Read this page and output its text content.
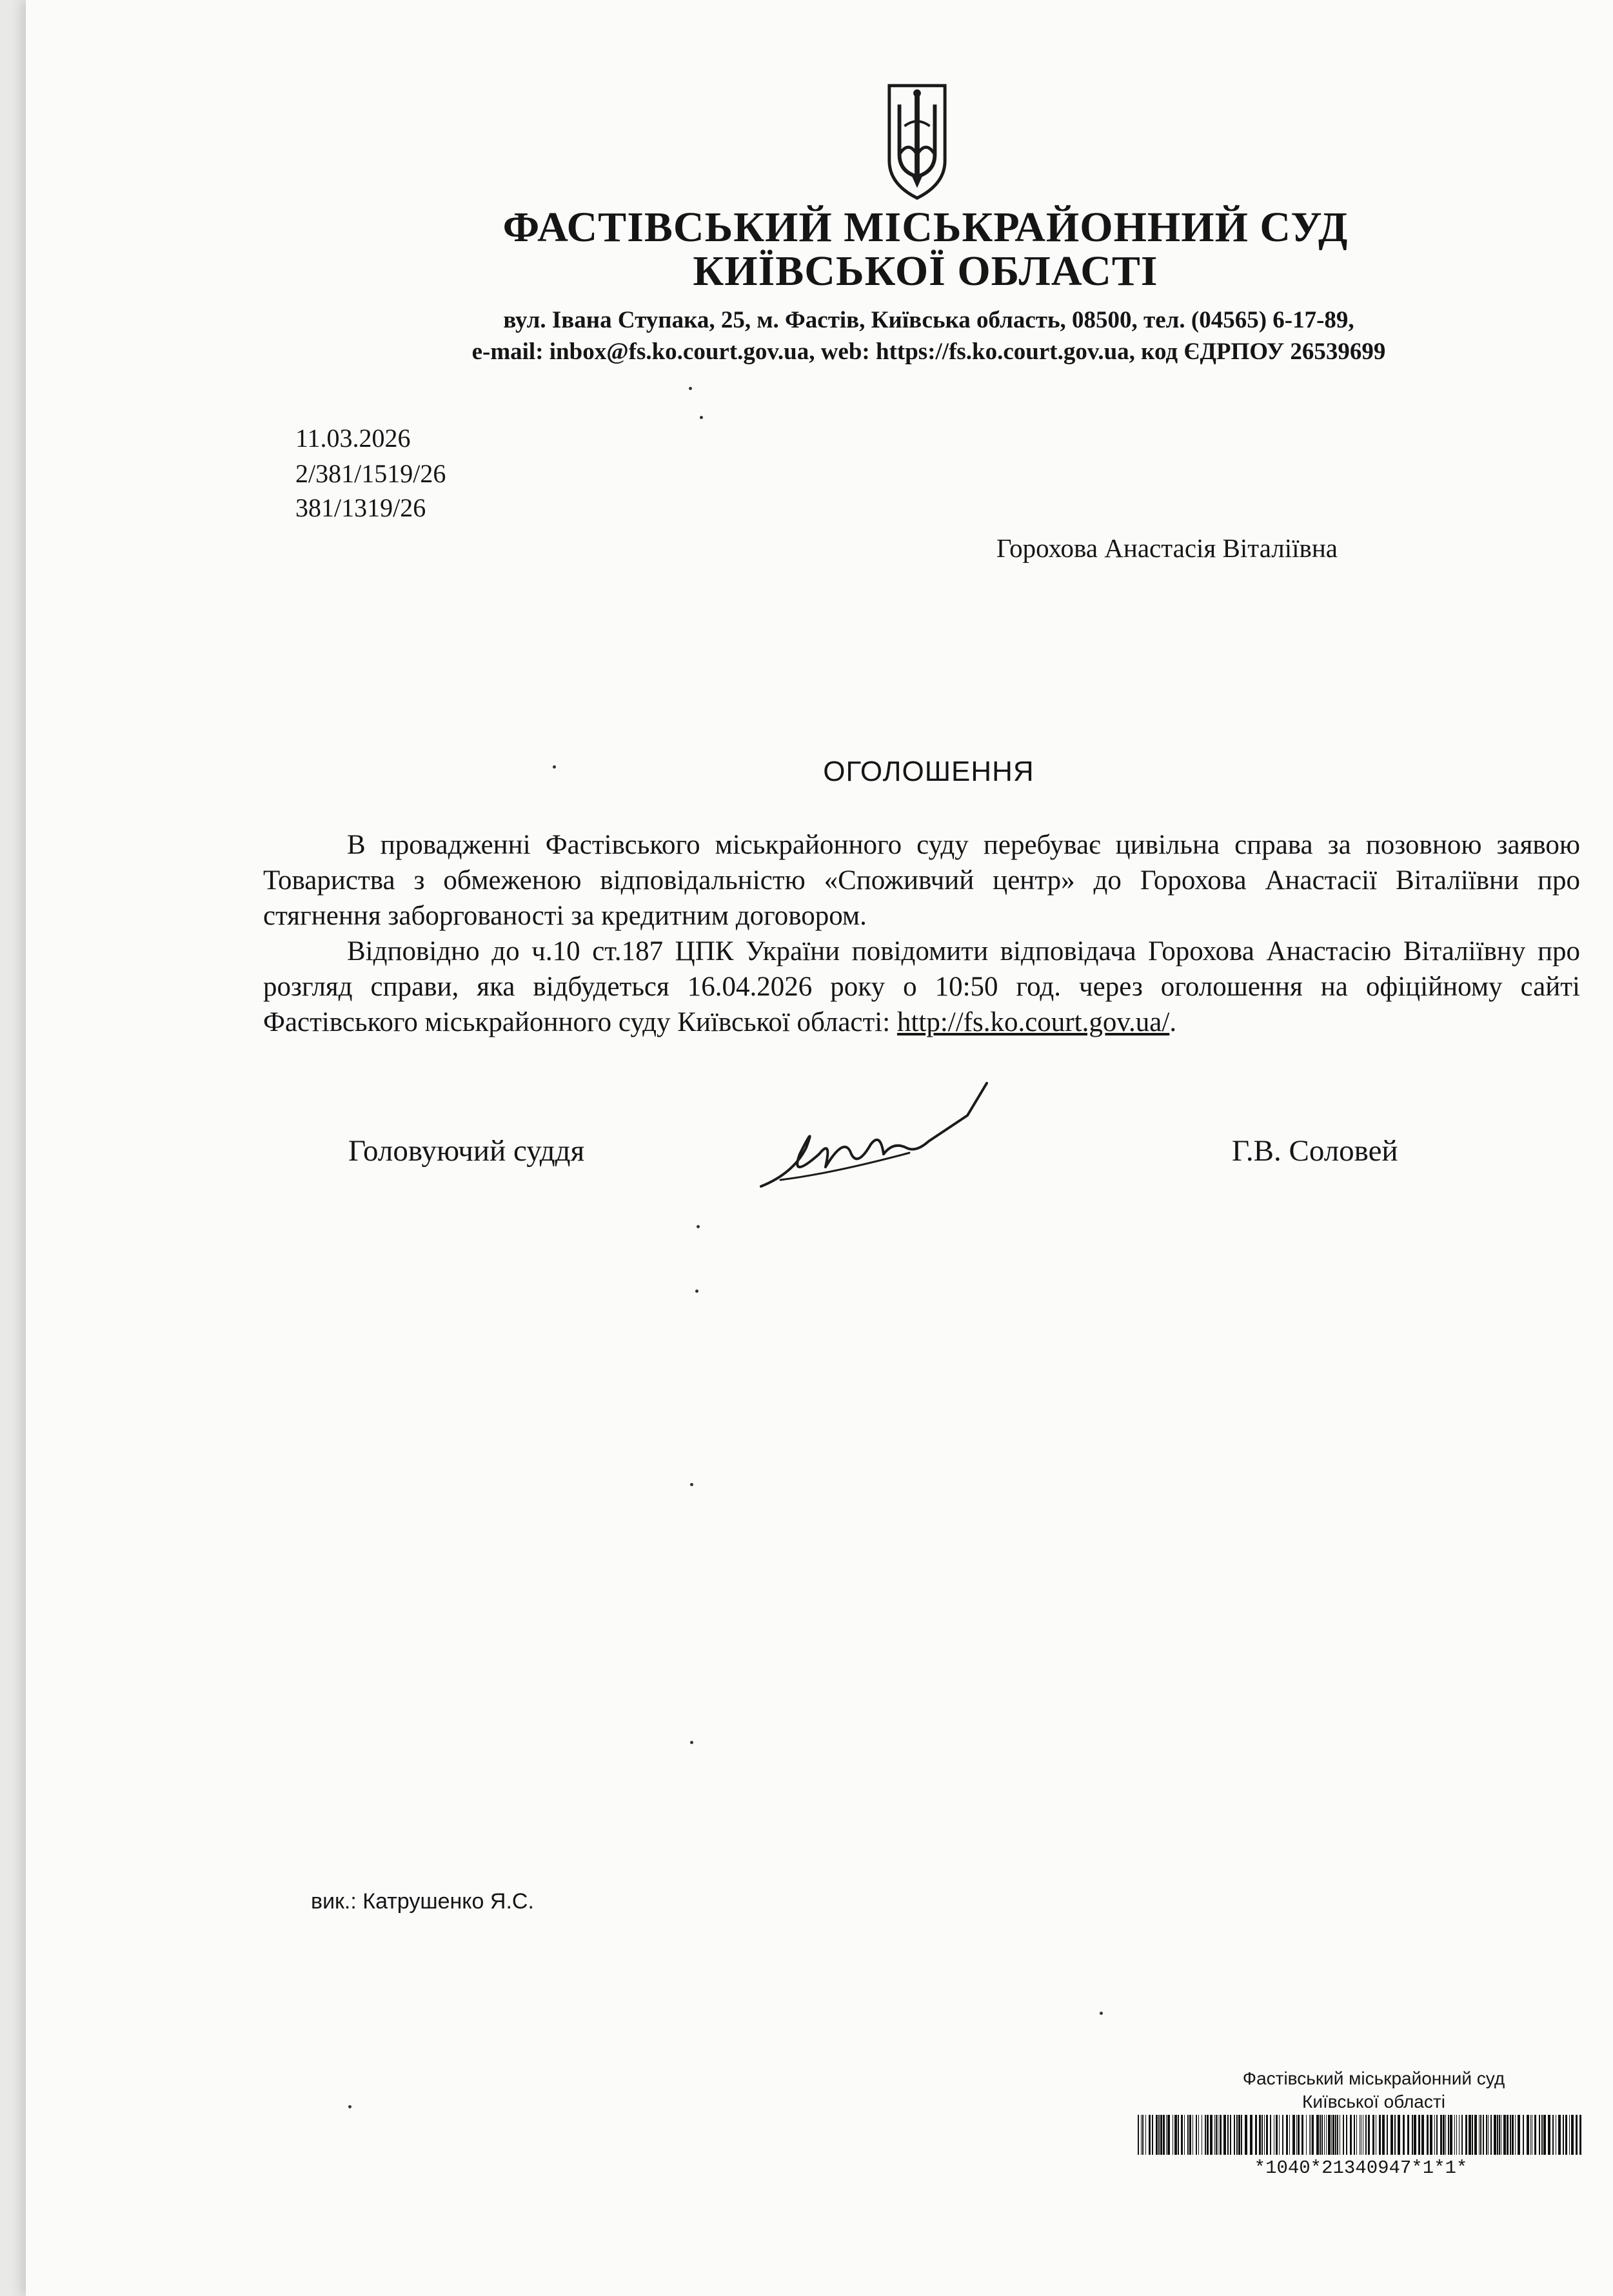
ФАСТІВСЬКИЙ МІСЬКРАЙОННИЙ СУД
КИЇВСЬКОЇ ОБЛАСТІ
вул. Івана Ступака, 25, м. Фастів, Київська область, 08500, тел. (04565) 6-17-89,
e-mail: inbox@fs.ko.court.gov.ua, web: https://fs.ko.court.gov.ua, код ЄДРПОУ 26539699
11.03.2026
2/381/1519/26
381/1319/26
Горохова Анастасія Віталіївна
ОГОЛОШЕННЯ

В провадженні Фастівського міськрайонного суду перебуває цивільна справа за позовною заявою Товариства з обмеженою відповідальністю «Споживчий центр» до Горохова Анастасії Віталіївни про стягнення заборгованості за кредитним договором.

Відповідно до ч.10 ст.187 ЦПК України повідомити відповідача Горохова Анастасію Віталіївну про розгляд справи, яка відбудеться 16.04.2026 року о 10:50 год. через оголошення на офіційному сайті Фастівського міськрайонного суду Київської області: http://fs.ko.court.gov.ua/.

Головуючий суддя	Г.В. Соловей
вик.: Катрушенко Я.С.
Фастівський міськрайонний суд
Київської області
*1040*21340947*1*1*
